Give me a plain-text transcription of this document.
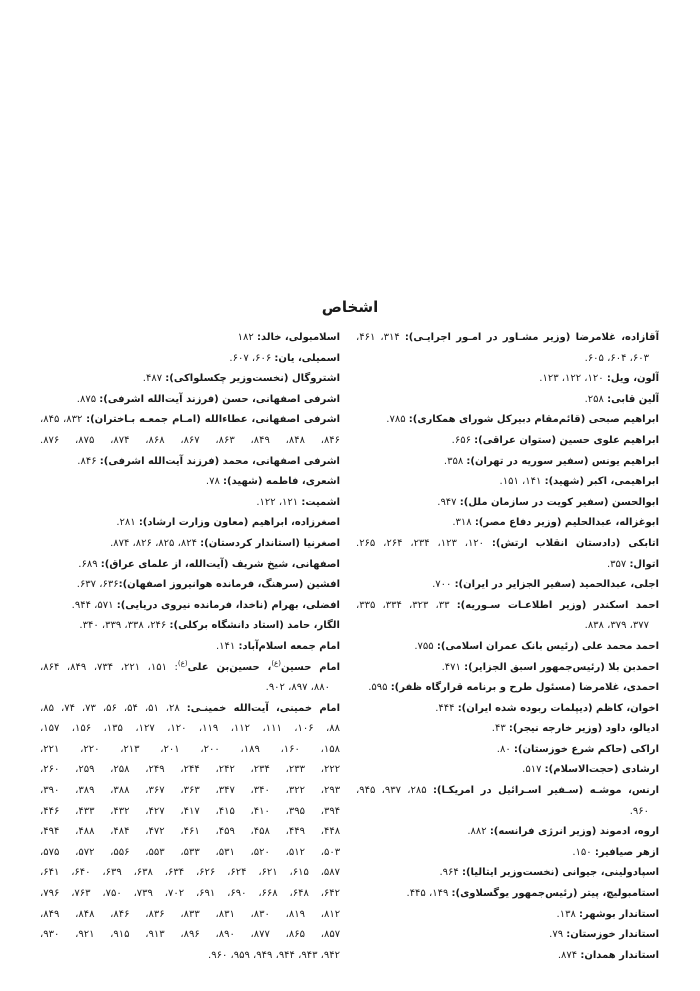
اشخاص
آقازاده، غلامرضا (وزیر مشـاور در امـور اجرایـی): ۳۱۴، ۴۶۱،
۶۰۳، ۶۰۴، ۶۰۵.
آلون، ویل: ۱۲۰، ۱۲۲، ۱۲۳.
آلین قابی: ۲۵۸.
ابراهیم صبحی (قائم‌مقام دبیرکل شورای همکاری): ۷۸۵.
ابراهیم علوی حسین (ستوان عراقی): ۶۵۶.
ابراهیم یونس (سفیر سوریه در تهران): ۳۵۸.
ابراهیمی، اکبر (شهید): ۱۴۱، ۱۵۱.
ابوالحسن (سفیر کویت در سازمان ملل): ۹۴۷.
ابوغزاله، عبدالحلیم (وزیر دفاع مصر): ۳۱۸.
اتابکی (دادستان انقلاب ارتش): ۱۲۰، ۱۲۳، ۲۳۴، ۲۶۴، ۲۶۵.
اتوال: ۳۵۷.
اجلی، عبدالحمید (سفیر الجزایر در ایران): ۷۰۰.
احمد اسکندر (وزیر اطلاعـات سـوریه): ۳۳، ۳۲۳، ۳۳۴، ۳۳۵،
۳۷۷، ۳۷۹، ۸۳۸.
احمد محمد علی (رئیس بانک عمران اسلامی): ۷۵۵.
احمدبن بلا (رئیس‌جمهور اسبق الجزایر): ۴۷۱.
احمدی، غلامرضا (مسئول طرح و برنامه قرارگاه ظفر): ۵۹۵.
اخوان، کاظم (دیپلمات ربوده شده ایران): ۴۴۴.
ادیالو، داود (وزیر خارجه نیجر): ۴۳.
اراکی (حاکم شرع خوزستان): ۸۰.
ارشادی (حجت‌الاسلام): ۵۱۷.
ارنس، موشـه (سـفیر اسـرائیل در امریکـا): ۲۸۵، ۹۳۷، ۹۴۵،
۹۶۰.
اروه، ادموند (وزیر انرژی فرانسه): ۸۸۲.
ازهر صیافیر: ۱۵۰.
اسپادولینی، جیوانی (نخست‌وزیر ایتالیا): ۹۶۴.
استامبولیچ، پیتر (رئیس‌جمهور یوگسلاوی): ۱۴۹، ۴۴۵.
استاندار بوشهر: ۱۳۸.
استاندار خوزستان: ۷۹.
استاندار همدان: ۸۷۴.
اسلامبولی، خالد: ۱۸۲
اسمیلی، یان: ۶۰۶، ۶۰۷.
اشتروگال (نخست‌وزیر چکسلواکی): ۴۸۷.
اشرفی اصفهانی، حسن (فرزند آیت‌الله اشرفی): ۸۷۵.
اشرفی اصفهانی، عطاءالله (امـام جمعـه بـاختران): ۸۳۲، ۸۴۵،
۸۴۶، ۸۴۸، ۸۴۹، ۸۶۳، ۸۶۷، ۸۶۸، ۸۷۴، ۸۷۵، ۸۷۶.
اشرفی اصفهانی، محمد (فرزند آیت‌الله اشرفی): ۸۴۶.
اشعری، فاطمه (شهید): ۷۸.
اشمیت: ۱۲۱، ۱۲۲.
اصغرزاده، ابراهیم (معاون وزارت ارشاد): ۲۸۱.
اصغرنیا (استاندار کردستان): ۸۲۴، ۸۲۵، ۸۲۶، ۸۷۴.
اصفهانی، شیخ شریف (آیت‌الله، از علمای عراق): ۶۸۹.
افشین (سرهنگ، فرمانده هوانیروز اصفهان):۶۳۶، ۶۳۷.
افضلی، بهرام (ناخدا، فرمانده نیروی دریایی): ۵۷۱، ۹۴۴.
الگار، حامد (استاد دانشگاه برکلی): ۲۴۶، ۳۳۸، ۳۳۹، ۳۴۰.
امام جمعه اسلام‌آباد: ۱۴۱.
امام حسین$^{(ع)}$، حسین‌بن علی$^{(ع)}$: ۱۵۱، ۲۲۱، ۷۳۴، ۸۴۹، ۸۶۴،
۸۸۰، ۸۹۷، ۹۰۲.
امام خمینی، آیت‌الله خمینـی: ۲۸، ۵۱، ۵۴، ۵۶، ۷۳، ۷۴، ۸۵،
۸۸، ۱۰۶، ۱۱۱، ۱۱۲، ۱۱۹، ۱۲۰، ۱۲۷، ۱۳۵، ۱۵۶، ۱۵۷،
۱۵۸، ۱۶۰، ۱۸۹، ۲۰۰، ۲۰۱، ۲۱۳، ۲۲۰، ۲۲۱،
۲۲۲، ۲۳۳، ۲۳۴، ۲۴۲، ۲۴۴، ۲۴۹، ۲۵۸، ۲۵۹، ۲۶۰،
۲۹۳، ۳۲۲، ۳۴۰، ۳۴۷، ۳۶۳، ۳۶۷، ۳۸۸، ۳۸۹، ۳۹۰،
۳۹۴، ۳۹۵، ۴۱۰، ۴۱۵، ۴۱۷، ۴۲۷، ۴۳۲، ۴۳۳، ۴۴۶،
۴۴۸، ۴۴۹، ۴۵۸، ۴۵۹، ۴۶۱، ۴۷۲، ۴۸۴، ۴۸۸، ۴۹۴،
۵۰۳، ۵۱۲، ۵۲۰، ۵۳۱، ۵۳۳، ۵۵۳، ۵۵۶، ۵۷۲، ۵۷۵،
۵۸۷، ۶۱۵، ۶۲۱، ۶۲۴، ۶۲۶، ۶۳۴، ۶۳۸، ۶۳۹، ۶۴۰، ۶۴۱،
۶۴۲، ۶۴۸، ۶۶۸، ۶۹۰، ۶۹۱، ۷۰۲، ۷۳۹، ۷۵۰، ۷۶۳، ۷۹۶،
۸۱۲، ۸۱۹، ۸۳۰، ۸۳۱، ۸۳۳، ۸۳۶، ۸۴۶، ۸۴۸، ۸۴۹،
۸۵۷، ۸۶۵، ۸۷۷، ۸۹۰، ۸۹۶، ۹۱۳، ۹۱۵، ۹۲۱، ۹۳۰،
۹۴۲، ۹۴۳، ۹۴۴، ۹۴۹، ۹۵۹، ۹۶۰.
